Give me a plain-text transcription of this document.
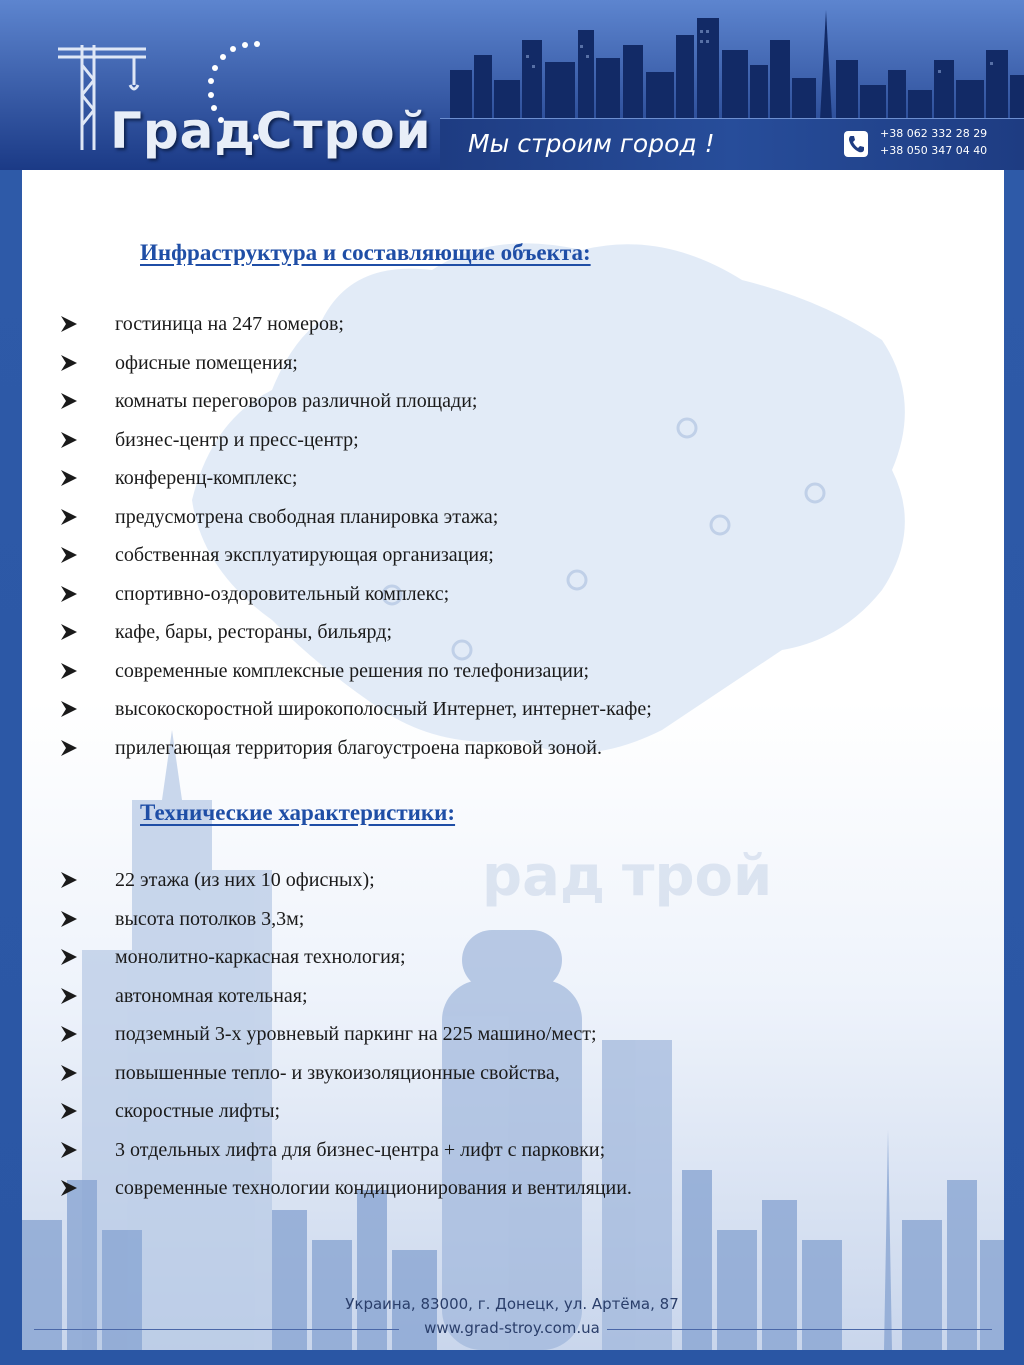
ГрадСтрой Мы строим город !	+38 062 332 28 29
+38 050 347 04 40
рад трой
Инфраструктура и составляющие объекта:
гостиница на 247 номеров;
офисные помещения;
комнаты переговоров различной площади;
бизнес-центр и пресс-центр;
конференц-комплекс;
предусмотрена свободная планировка этажа;
собственная эксплуатирующая организация;
спортивно-оздоровительный комплекс;
кафе, бары, рестораны, бильярд;
современные комплексные решения по телефонизации;
высокоскоростной широкополосный Интернет, интернет-кафе;
прилегающая территория благоустроена парковой зоной.
Технические характеристики:
22 этажа (из них 10 офисных);
высота потолков 3,3м;
монолитно-каркасная технология;
автономная котельная;
подземный 3-х уровневый паркинг на 225 машино/мест;
повышенные тепло- и звукоизоляционные свойства,
скоростные лифты;
3 отдельных лифта для бизнес-центра + лифт с парковки;
современные технологии кондиционирования и вентиляции.
Украина, 83000, г. Донецк, ул. Артёма, 87
www.grad-stroy.com.ua
